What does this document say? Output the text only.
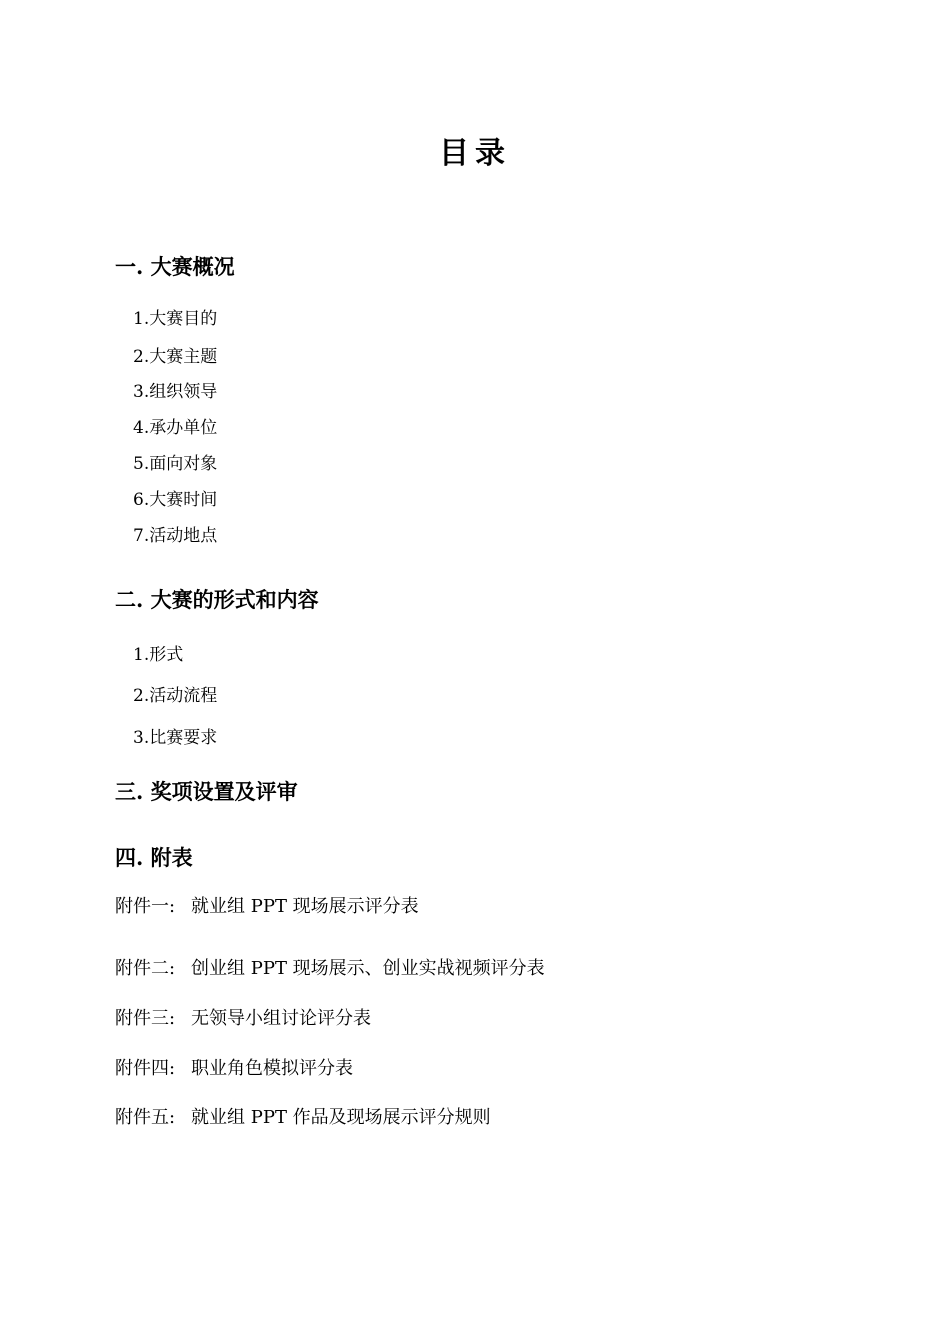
目录
一. 大赛概况
1.大赛目的
2.大赛主题
3.组织领导
4.承办单位
5.面向对象
6.大赛时间
7.活动地点
二. 大赛的形式和内容
1.形式
2.活动流程
3.比赛要求
三. 奖项设置及评审
四. 附表
附件一: 就业组 PPT 现场展示评分表
附件二: 创业组 PPT 现场展示、创业实战视频评分表
附件三: 无领导小组讨论评分表
附件四: 职业角色模拟评分表
附件五: 就业组 PPT 作品及现场展示评分规则
